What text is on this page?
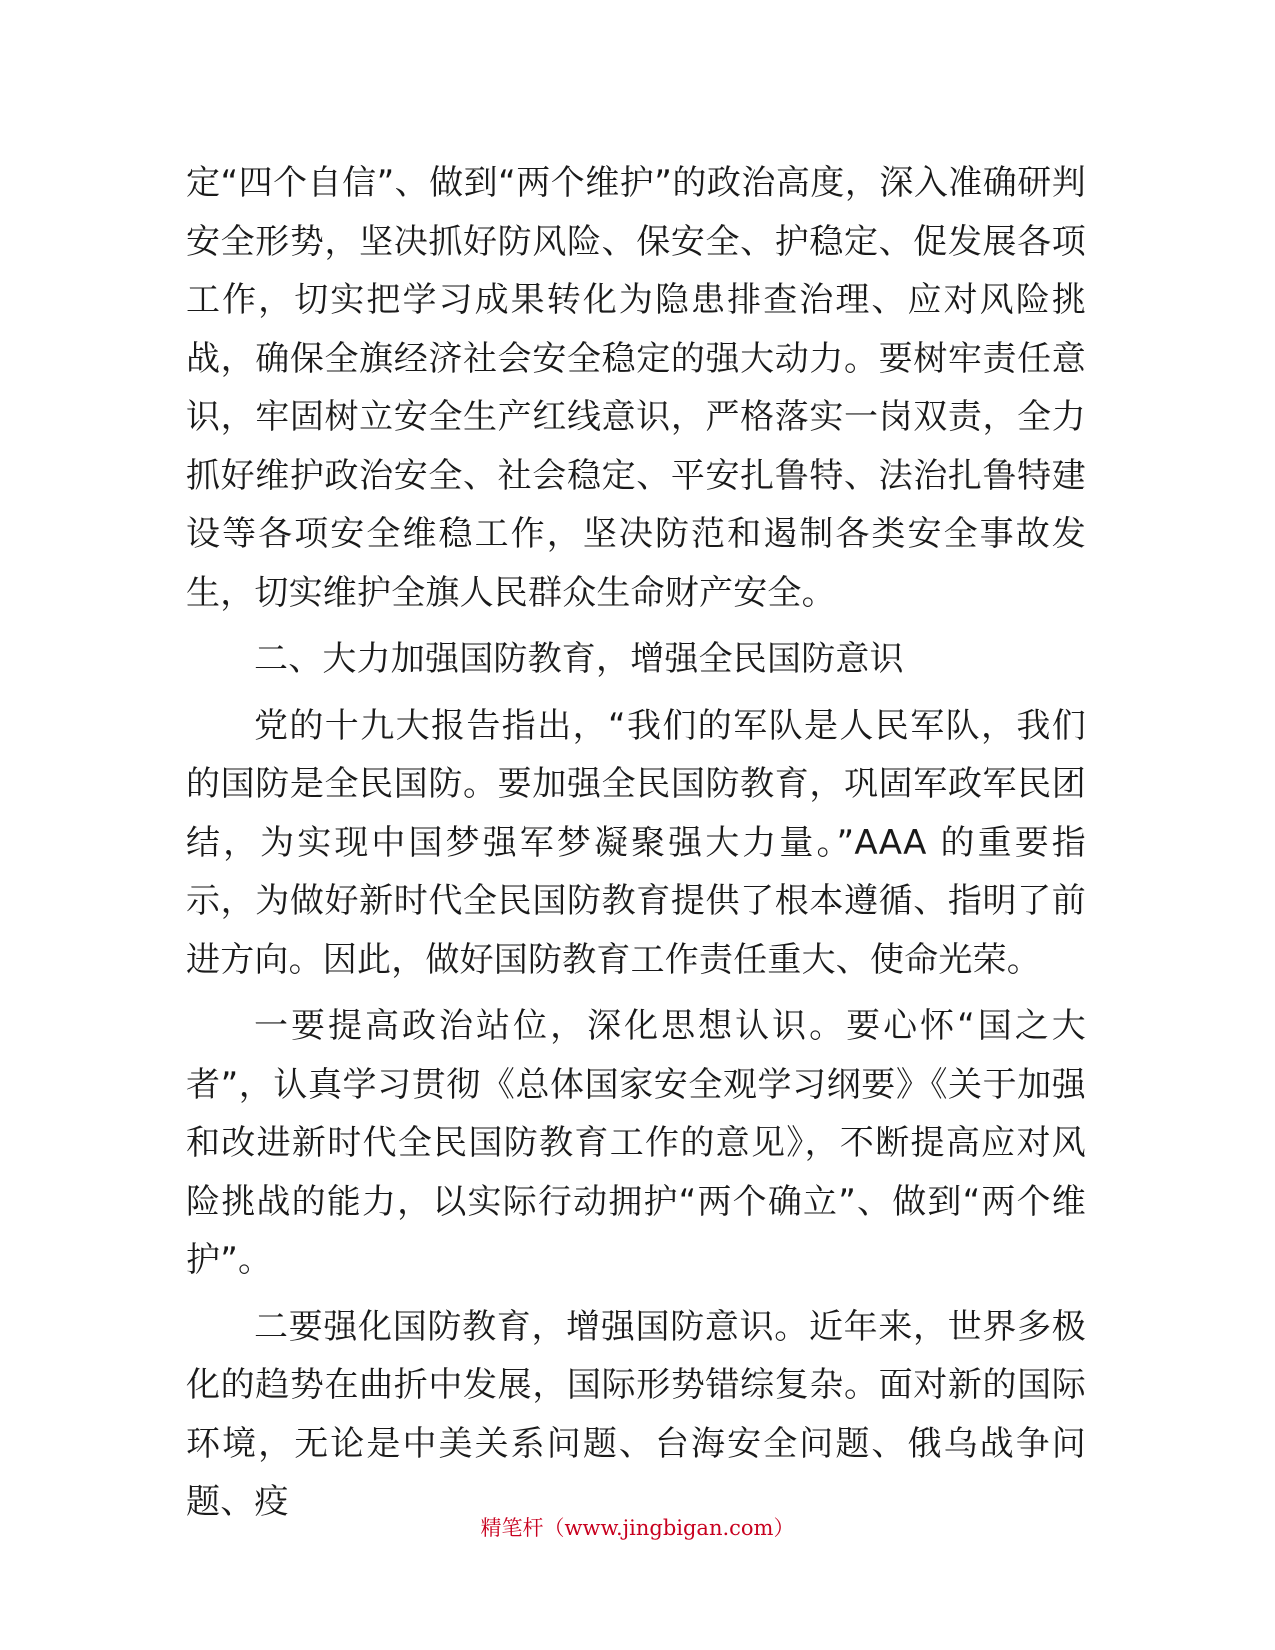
定“四个自信”、做到“两个维护”的政治高度，深入准确研判安全形势，坚决抓好防风险、保安全、护稳定、促发展各项工作，切实把学习成果转化为隐患排查治理、应对风险挑战，确保全旗经济社会安全稳定的强大动力。要树牢责任意识，牢固树立安全生产红线意识，严格落实一岗双责，全力抓好维护政治安全、社会稳定、平安扎鲁特、法治扎鲁特建设等各项安全维稳工作，坚决防范和遏制各类安全事故发生，切实维护全旗人民群众生命财产安全。

二、大力加强国防教育，增强全民国防意识

党的十九大报告指出，“我们的军队是人民军队，我们的国防是全民国防。要加强全民国防教育，巩固军政军民团结，为实现中国梦强军梦凝聚强大力量。”AAA 的重要指示，为做好新时代全民国防教育提供了根本遵循、指明了前进方向。因此，做好国防教育工作责任重大、使命光荣。

一要提高政治站位，深化思想认识。要心怀“国之大者”，认真学习贯彻《总体国家安全观学习纲要》《关于加强和改进新时代全民国防教育工作的意见》，不断提高应对风险挑战的能力，以实际行动拥护“两个确立”、做到“两个维护”。

二要强化国防教育，增强国防意识。近年来，世界多极化的趋势在曲折中发展，国际形势错综复杂。面对新的国际环境，无论是中美关系问题、台海安全问题、俄乌战争问题、疫

精笔杆（www.jingbigan.com）
